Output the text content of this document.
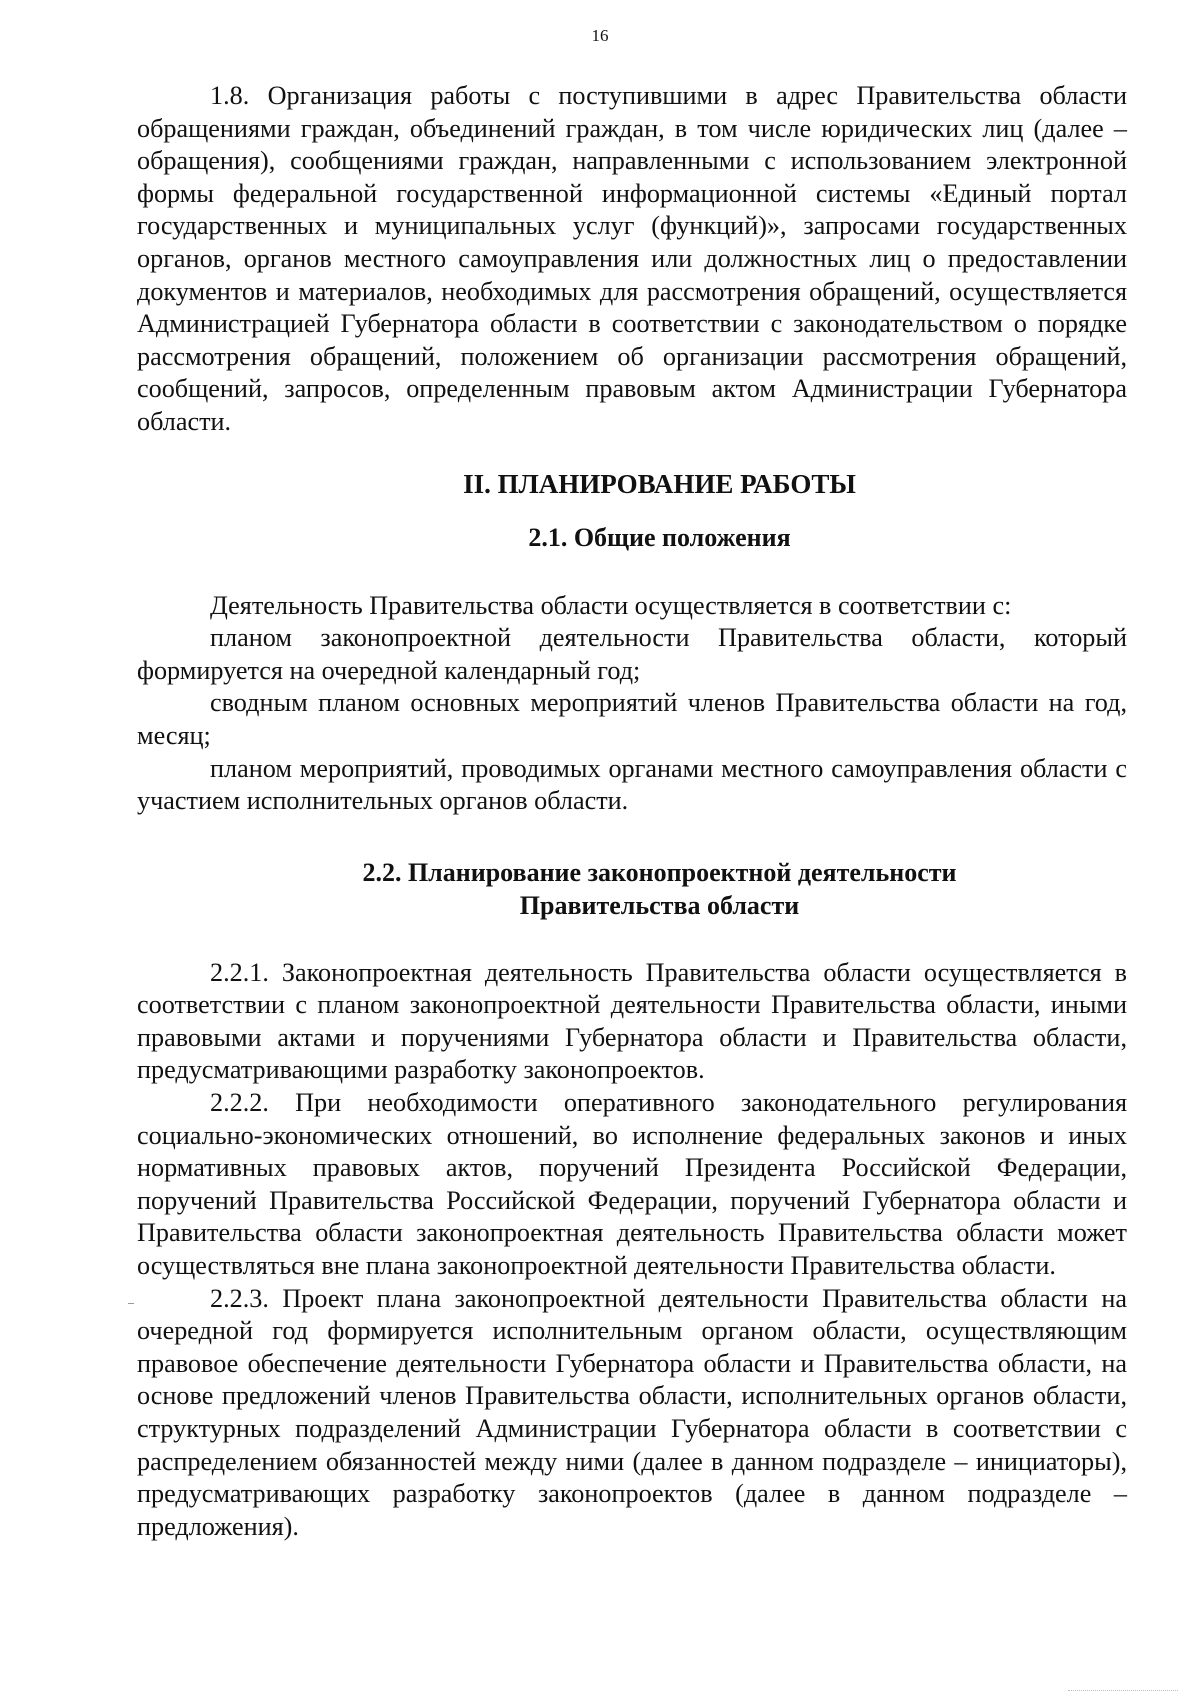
16

1.8. Организация работы с поступившими в адрес Правительства области обращениями граждан, объединений граждан, в том числе юридических лиц (далее – обращения), сообщениями граждан, направленными с использованием электронной формы федеральной государственной информационной системы «Единый портал государственных и муниципальных услуг (функций)», запросами государственных органов, органов местного самоуправления или должностных лиц о предоставлении документов и материалов, необходимых для рассмотрения обращений, осуществляется Администрацией Губернатора области в соответствии с законодательством о порядке рассмотрения обращений, положением об организации рассмотрения обращений, сообщений, запросов, определенным правовым актом Администрации Губернатора области.

II. ПЛАНИРОВАНИЕ РАБОТЫ
2.1. Общие положения

Деятельность Правительства области осуществляется в соответствии с:

планом законопроектной деятельности Правительства области, который формируется на очередной календарный год;

сводным планом основных мероприятий членов Правительства области на год, месяц;

планом мероприятий, проводимых органами местного самоуправления области с участием исполнительных органов области.

2.2. Планирование законопроектной деятельности
Правительства области

2.2.1. Законопроектная деятельность Правительства области осуществляется в соответствии с планом законопроектной деятельности Правительства области, иными правовыми актами и поручениями Губернатора области и Правительства области, предусматривающими разработку законопроектов.

2.2.2. При необходимости оперативного законодательного регулирования социально-экономических отношений, во исполнение федеральных законов и иных нормативных правовых актов, поручений Президента Российской Федерации, поручений Правительства Российской Федерации, поручений Губернатора области и Правительства области законопроектная деятельность Правительства области может осуществляться вне плана законопроектной деятельности Правительства области.

2.2.3. Проект плана законопроектной деятельности Правительства области на очередной год формируется исполнительным органом области, осуществляющим правовое обеспечение деятельности Губернатора области и Правительства области, на основе предложений членов Правительства области, исполнительных органов области, структурных подразделений Администрации Губернатора области в соответствии с распределением обязанностей между ними (далее в данном подразделе – инициаторы), предусматривающих разработку законопроектов (далее в данном подразделе – предложения).
